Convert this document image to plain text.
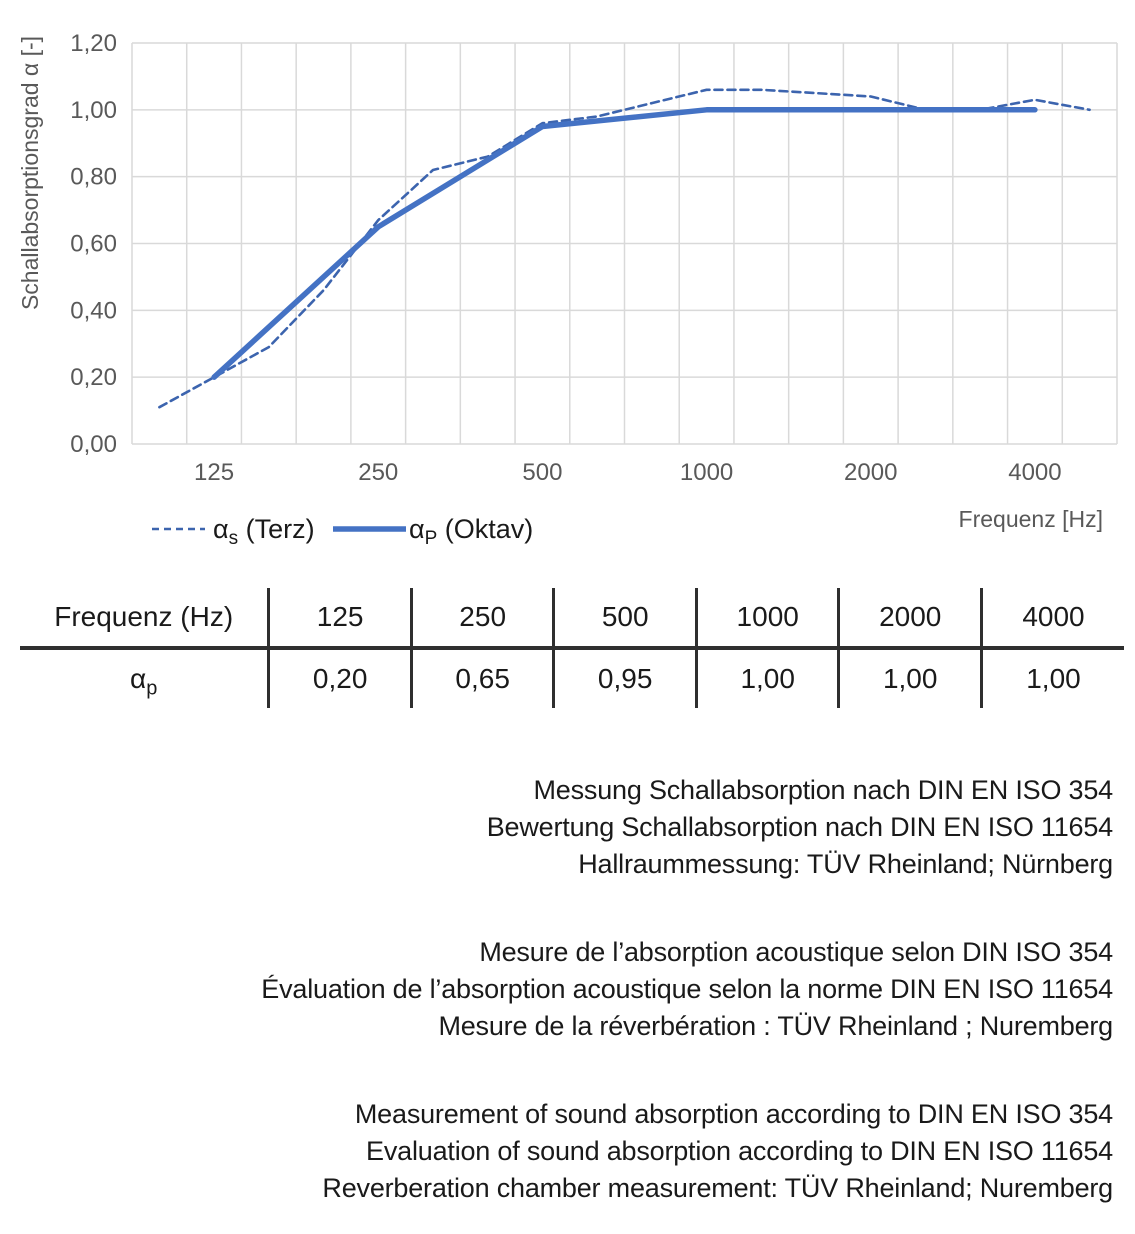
1,20
1,00
0,80
0,60
0,40
0,20
0,00
125	250	500	1000	2000	4000
Schallabsorptionsgrad α [-]
$\alpha_s$ (Terz)	$\alpha_P$ (Oktav)	Frequenz [Hz]
Frequenz (Hz)	125	250	500	1000	2000	4000
$\alpha_p$	0,20	0,65	0,95	1,00	1,00	1,00
Messung Schallabsorption nach DIN EN ISO 354
Bewertung Schallabsorption nach DIN EN ISO 11654
Hallraummessung: TÜV Rheinland; Nürnberg
Mesure de l’absorption acoustique selon DIN ISO 354
Évaluation de l’absorption acoustique selon la norme DIN EN ISO 11654
Mesure de la réverbération : TÜV Rheinland ; Nuremberg
Measurement of sound absorption according to DIN EN ISO 354
Evaluation of sound absorption according to DIN EN ISO 11654
Reverberation chamber measurement: TÜV Rheinland; Nuremberg
